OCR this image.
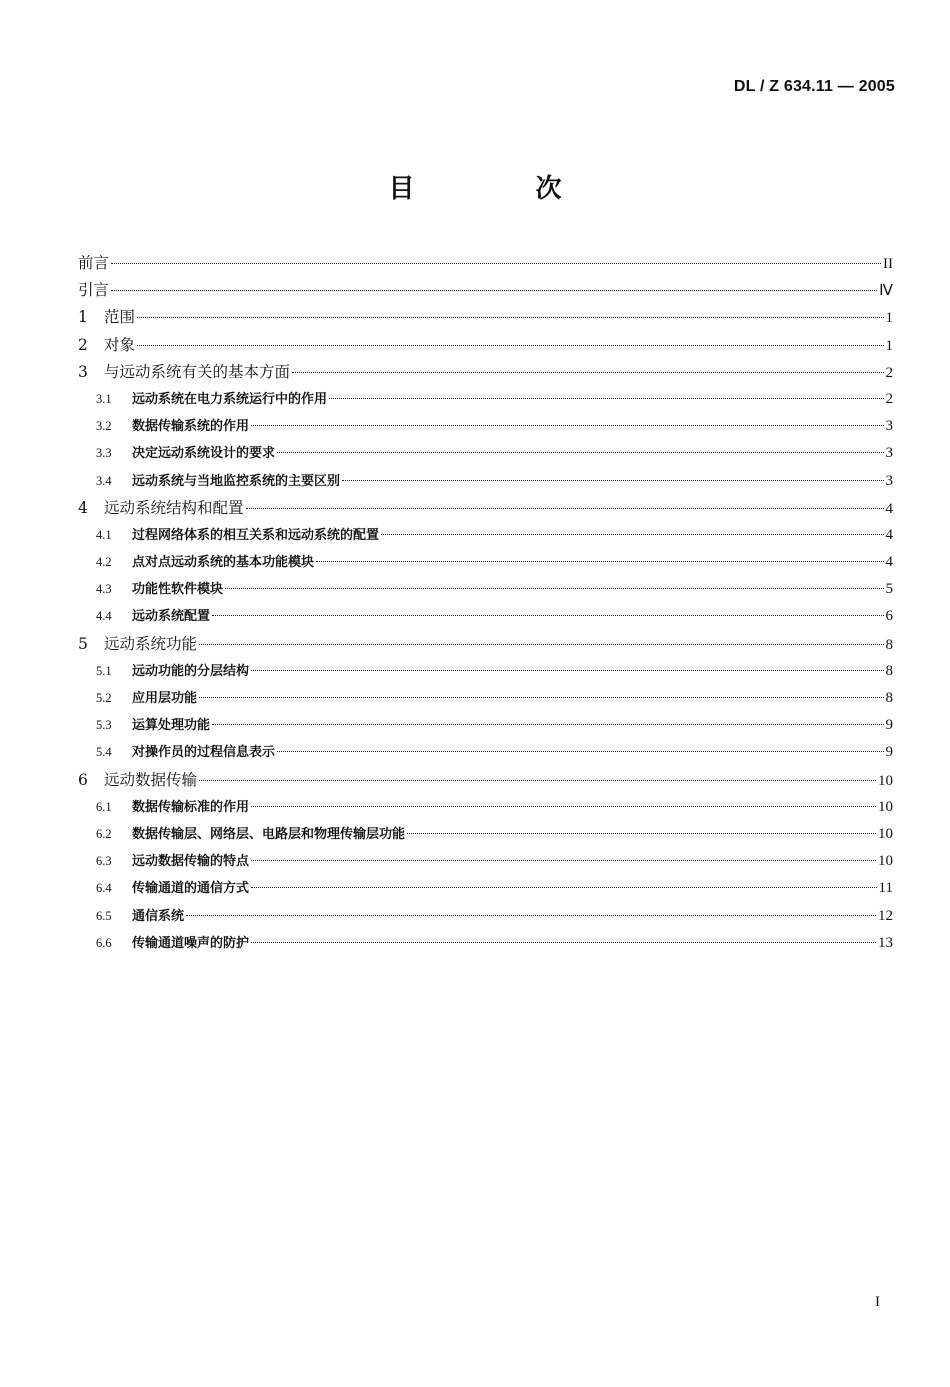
DL / Z 634.11 — 2005
目 次
前言	II
引言	Ⅳ
1	范围	1
2	对象	1
3	与远动系统有关的基本方面	2
3.1	远动系统在电力系统运行中的作用	2
3.2	数据传输系统的作用	3
3.3	决定远动系统设计的要求	3
3.4	远动系统与当地监控系统的主要区别	3
4	远动系统结构和配置	4
4.1	过程网络体系的相互关系和远动系统的配置	4
4.2	点对点远动系统的基本功能模块	4
4.3	功能性软件模块	5
4.4	远动系统配置	6
5	远动系统功能	8
5.1	远动功能的分层结构	8
5.2	应用层功能	8
5.3	运算处理功能	9
5.4	对操作员的过程信息表示	9
6	远动数据传输	10
6.1	数据传输标准的作用	10
6.2	数据传输层、网络层、电路层和物理传输层功能	10
6.3	远动数据传输的特点	10
6.4	传输通道的通信方式	11
6.5	通信系统	12
6.6	传输通道噪声的防护	13
I
